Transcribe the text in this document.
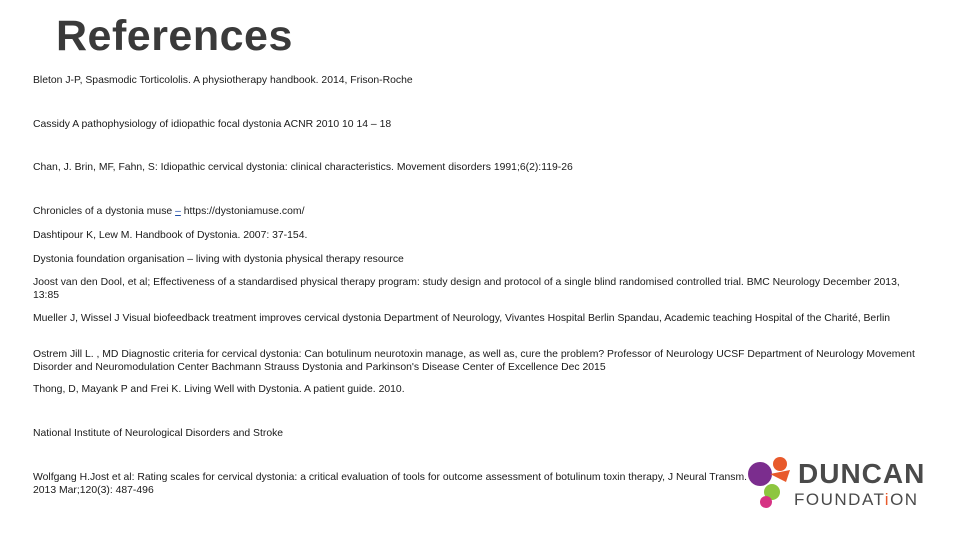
References
Bleton J-P, Spasmodic Torticololis. A physiotherapy handbook. 2014, Frison-Roche
Cassidy A pathophysiology of idiopathic focal dystonia ACNR 2010 10 14 – 18
Chan, J. Brin, MF, Fahn, S: Idiopathic cervical dystonia: clinical characteristics. Movement disorders 1991;6(2):119-26
Chronicles of a dystonia muse – https://dystoniamuse.com/
Dashtipour K, Lew M. Handbook of Dystonia. 2007: 37-154.
Dystonia foundation organisation – living with dystonia physical therapy resource
Joost van den Dool, et al; Effectiveness of a standardised physical therapy program: study design and protocol of a single blind randomised controlled trial. BMC Neurology December 2013, 13:85
Mueller J, Wissel J Visual biofeedback treatment improves cervical dystonia Department of Neurology, Vivantes Hospital Berlin Spandau, Academic teaching Hospital of the Charité, Berlin
Ostrem Jill L. , MD Diagnostic criteria for cervical dystonia: Can botulinum neurotoxin manage, as well as, cure the problem? Professor of Neurology UCSF Department of Neurology Movement Disorder and Neuromodulation Center Bachmann Strauss Dystonia and Parkinson's Disease Center of Excellence Dec 2015
Thong, D, Mayank P and Frei K. Living Well with Dystonia. A patient guide. 2010.
National Institute of Neurological Disorders and Stroke
Wolfgang H.Jost et al: Rating scales for cervical dystonia: a critical evaluation of tools for outcome assessment of botulinum toxin therapy, J Neural Transm. 2013 Mar;120(3): 487-496
DUNCAN
FOUNDATiON
